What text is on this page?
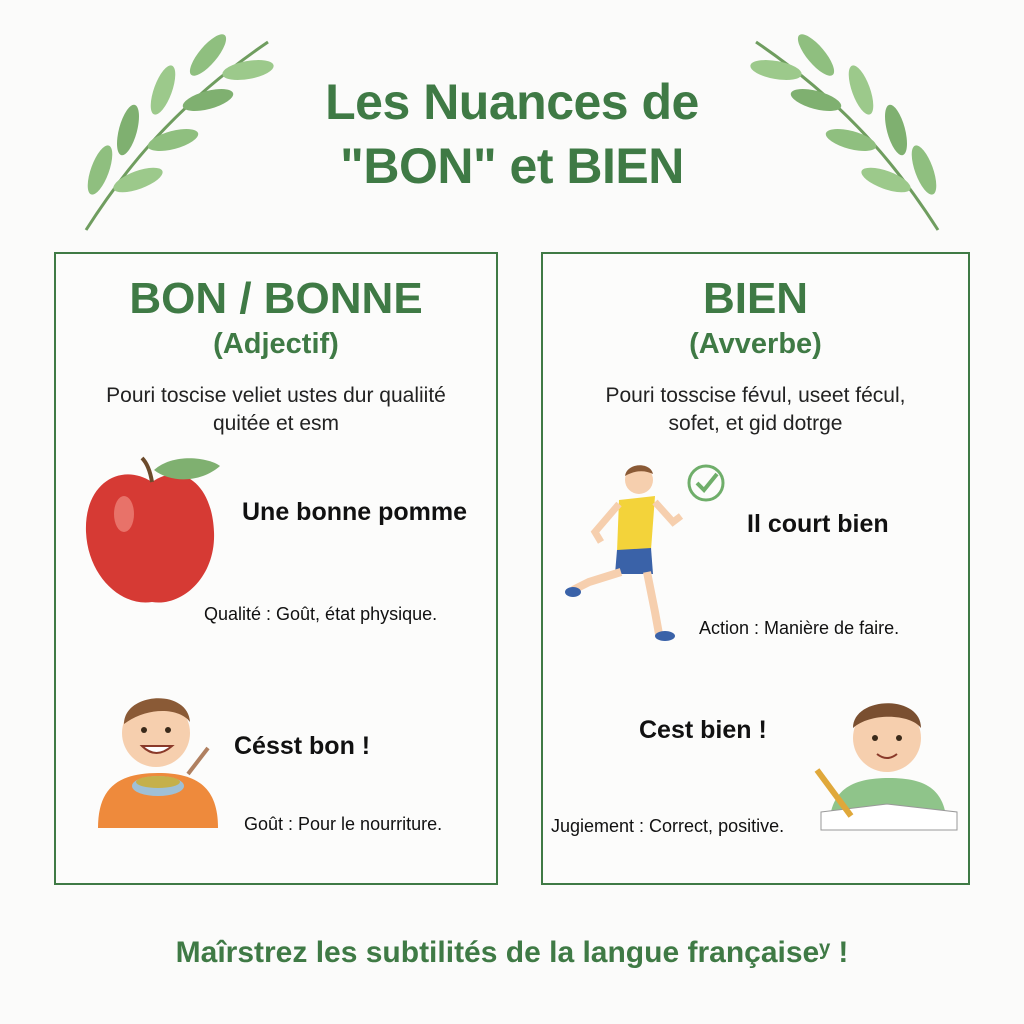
Les Nuances de
"BON" et BIEN
BON / BONNE
(Adjectif)
Pouri toscise veliet ustes dur qualiité
quitée et esm
Une bonne pomme
Qualité : Goût, état physique.
Césst bon !
Goût : Pour le nourriture.
BIEN
(Avverbe)
Pouri tosscise févul, useet fécul,
sofet, et gid dotrge
Il court bien
Action : Manière de faire.
Cest bien !
Jugiement : Correct, positive.
Maîrstrez les subtilités de la langue françaiseʸ !
